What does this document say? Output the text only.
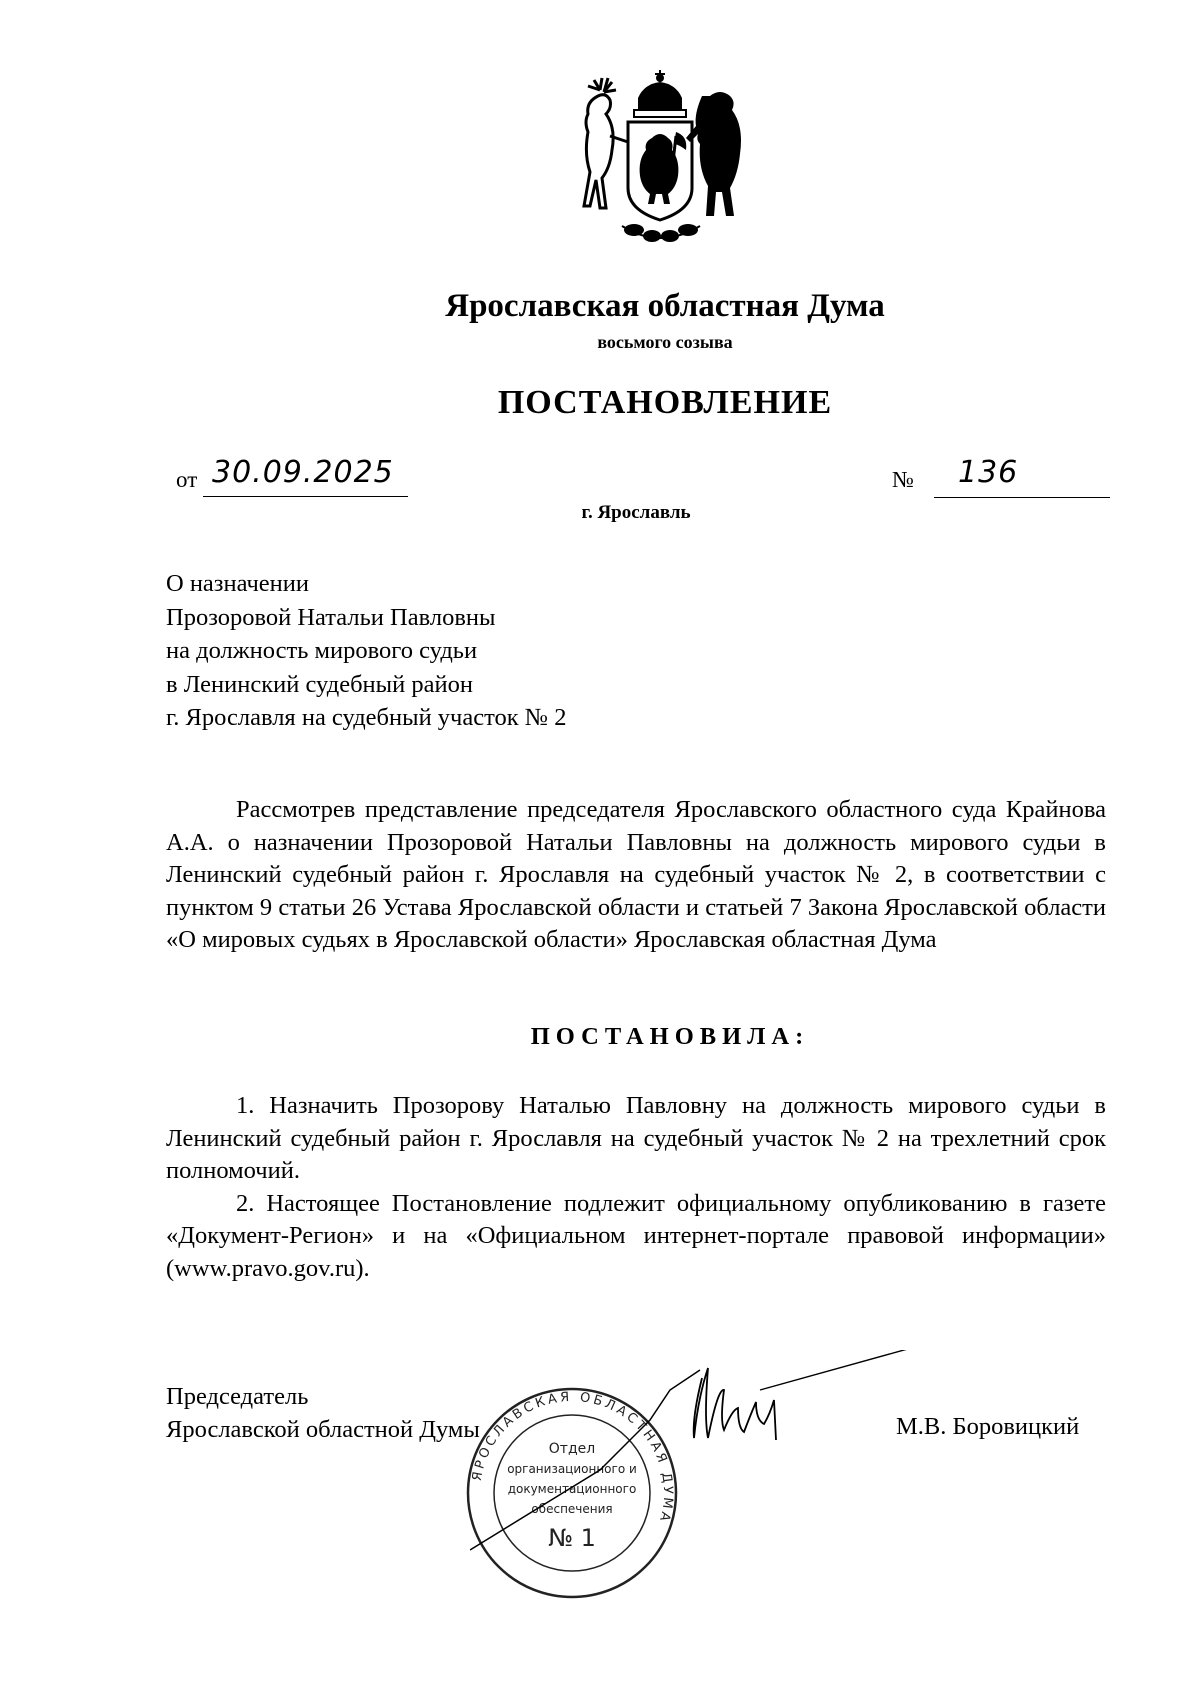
Ярославская областная Дума
восьмого созыва
ПОСТАНОВЛЕНИЕ
от 30.09.2025	№ 136
г. Ярославль
О назначении
Прозоровой Натальи Павловны
на должность мирового судьи
в Ленинский судебный район
г. Ярославля на судебный участок № 2
Рассмотрев представление председателя Ярославского областного суда Крайнова А.А. о назначении Прозоровой Натальи Павловны на должность мирового судьи в Ленинский судебный район г. Ярославля на судебный участок № 2, в соответствии с пунктом 9 статьи 26 Устава Ярославской области и статьей 7 Закона Ярославской области «О мировых судьях в Ярославской области» Ярославская областная Дума
ПОСТАНОВИЛА:
1. Назначить Прозорову Наталью Павловну на должность мирового судьи в Ленинский судебный район г. Ярославля на судебный участок № 2 на трехлетний срок полномочий.
2. Настоящее Постановление подлежит официальному опубликованию в газете «Документ-Регион» и на «Официальном интернет-портале правовой информации» (www.pravo.gov.ru).
Председатель
Ярославской областной Думы	М.В. Боровицкий
ЯРОСЛАВСКАЯ ОБЛАСТНАЯ ДУМА
Отдел
организационного и
документационного
обеспечения
№ 1
